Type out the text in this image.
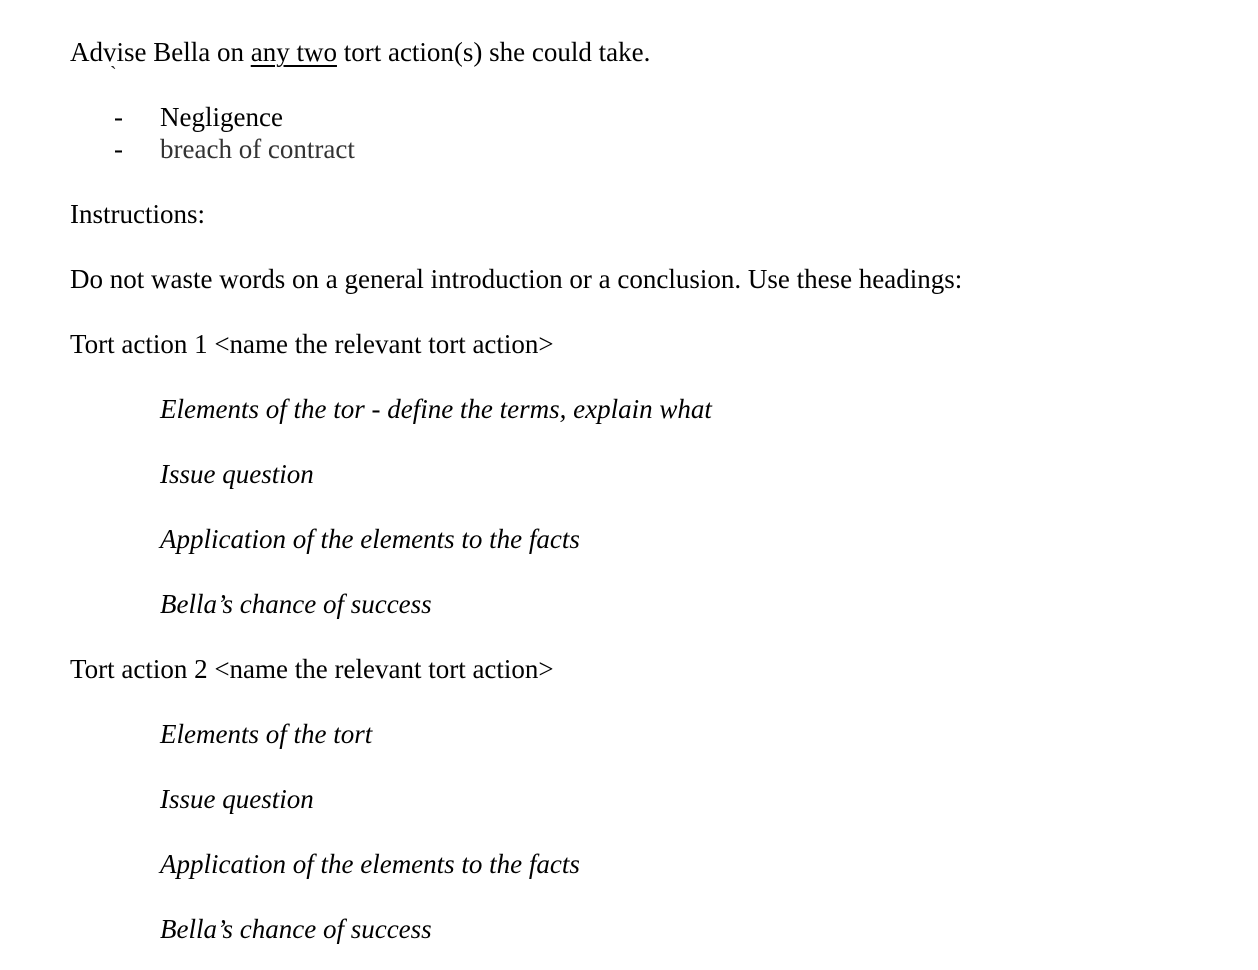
Advise Bella on any two tort action(s) she could take.
`
- Negligence
- breach of contract
Instructions:
Do not waste words on a general introduction or a conclusion. Use these headings:
Tort action 1 <name the relevant tort action>
Elements of the tor - define the terms, explain what
Issue question
Application of the elements to the facts
Bella’s chance of success
Tort action 2 <name the relevant tort action>
Elements of the tort
Issue question
Application of the elements to the facts
Bella’s chance of success
